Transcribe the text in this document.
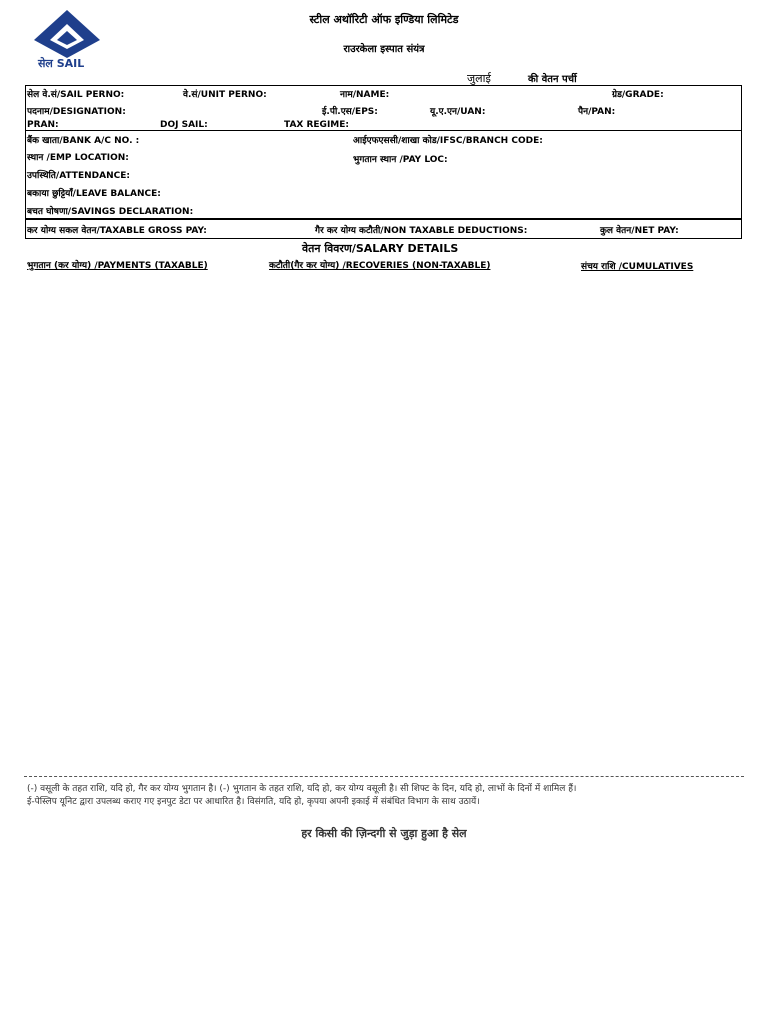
सेल SAIL
स्टील अथॉरिटी ऑफ इण्डिया लिमिटेड
राउरकेला इस्पात संयंत्र
जुलाई	की वेतन पर्ची
सेल वे.सं/SAIL PERNO:	वे.सं/UNIT PERNO:	नाम/NAME:	ग्रेड/GRADE:
पदनाम/DESIGNATION:	ई.पी.एस/EPS:	यू.ए.एन/UAN:	पैन/PAN:
PRAN:	DOJ SAIL:	TAX REGIME:
बैंक खाता/BANK A/C NO. :	आईएफएससी/शाखा कोड/IFSC/BRANCH CODE:
स्थान /EMP LOCATION:	भुगतान स्थान /PAY LOC:
उपस्थिति/ATTENDANCE:
बकाया छुट्टियाँ/LEAVE BALANCE:
बचत घोषणा/SAVINGS DECLARATION:
कर योग्य सकल वेतन/TAXABLE GROSS PAY:	गैर कर योग्य कटौती/NON TAXABLE DEDUCTIONS:	कुल वेतन/NET PAY:
वेतन विवरण/SALARY DETAILS
भुगतान (कर योग्य) /PAYMENTS (TAXABLE)	कटौती(गैर कर योग्य) /RECOVERIES (NON-TAXABLE)	संचय राशि /CUMULATIVES
(-) वसूली के तहत राशि, यदि हो, गैर कर योग्य भुगतान है। (-) भुगतान के तहत राशि, यदि हो, कर योग्य वसूली है। सी शिफ्ट के दिन, यदि हो, लाभों के दिनों में शामिल हैं।
ई-पेस्लिप यूनिट द्वारा उपलब्ध कराए गए इनपुट डेटा पर आधारित है। विसंगति, यदि हो, कृपया अपनी इकाई में संबंधित विभाग के साथ उठायें।
हर किसी की ज़िन्दगी से जुड़ा हुआ है सेल
